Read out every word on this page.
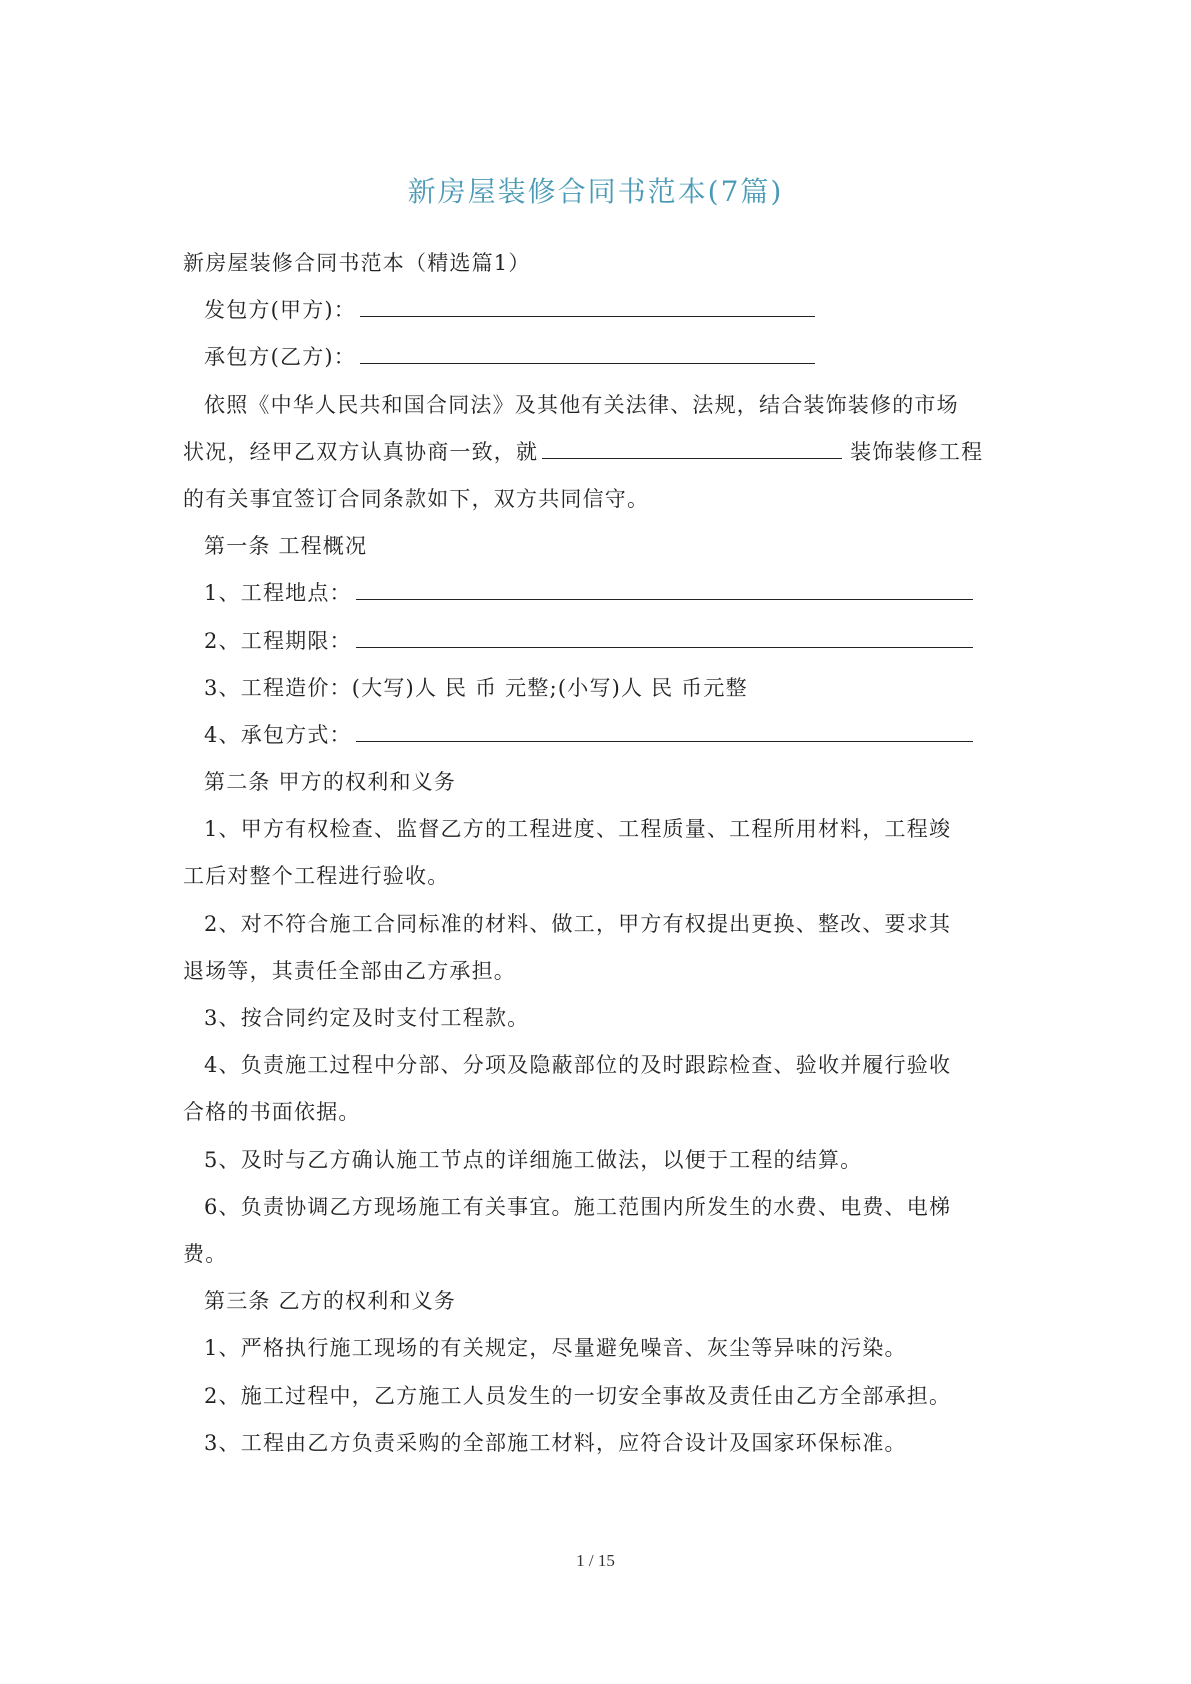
新房屋装修合同书范本(7篇)
新房屋装修合同书范本（精选篇1）
发包方(甲方)：
承包方(乙方)：
依照《中华人民共和国合同法》及其他有关法律、法规，结合装饰装修的市场
状况，经甲乙双方认真协商一致，就	装饰装修工程
的有关事宜签订合同条款如下，双方共同信守。
第一条 工程概况
1、工程地点：
2、工程期限：
3、工程造价：(大写)人 民 币 元整;(小写)人 民 币元整
4、承包方式：
第二条 甲方的权利和义务
1、甲方有权检查、监督乙方的工程进度、工程质量、工程所用材料，工程竣
工后对整个工程进行验收。
2、对不符合施工合同标准的材料、做工，甲方有权提出更换、整改、要求其
退场等，其责任全部由乙方承担。
3、按合同约定及时支付工程款。
4、负责施工过程中分部、分项及隐蔽部位的及时跟踪检查、验收并履行验收
合格的书面依据。
5、及时与乙方确认施工节点的详细施工做法，以便于工程的结算。
6、负责协调乙方现场施工有关事宜。施工范围内所发生的水费、电费、电梯
费。
第三条 乙方的权利和义务
1、严格执行施工现场的有关规定，尽量避免噪音、灰尘等异味的污染。
2、施工过程中，乙方施工人员发生的一切安全事故及责任由乙方全部承担。
3、工程由乙方负责采购的全部施工材料，应符合设计及国家环保标准。
1 / 15
